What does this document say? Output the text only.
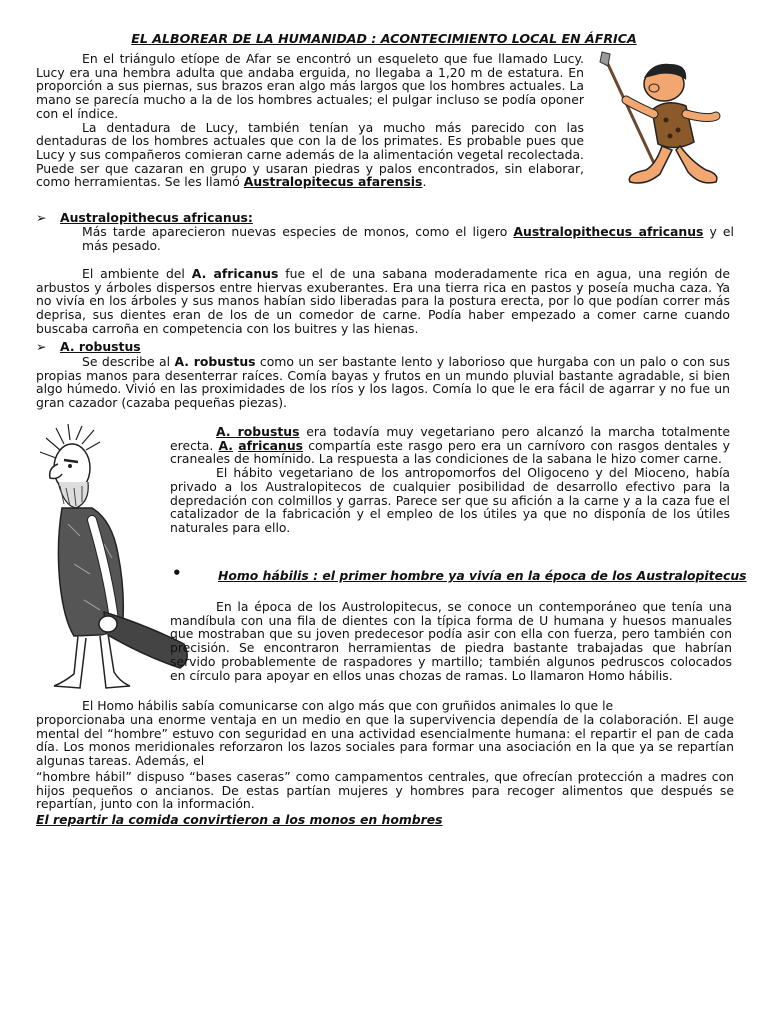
EL ALBOREAR DE LA HUMANIDAD : ACONTECIMIENTO LOCAL EN ÁFRICA

En el triángulo etíope de Afar se encontró un esqueleto que fue llamado Lucy. Lucy era una hembra adulta que andaba erguida, no llegaba a 1,20 m de estatura. En proporción a sus piernas, sus brazos eran algo más largos que los hombres actuales. La mano se parecía mucho a la de los hombres actuales; el pulgar incluso se podía oponer con el índice.

La dentadura de Lucy, también tenían ya mucho más parecido con las dentaduras de los hombres actuales que con la de los primates. Es probable pues que Lucy y sus compañeros comieran carne además de la alimentación vegetal recolectada. Puede ser que cazaran en grupo y usaran piedras y palos encontrados, sin elaborar, como herramientas. Se les llamó Australopitecus afarensis.

➢ Australopithecus africanus:
Más tarde aparecieron nuevas especies de monos, como el ligero Australopithecus africanus y el más pesado.
El ambiente del A. africanus fue el de una sabana moderadamente rica en agua, una región de arbustos y árboles dispersos entre hiervas exuberantes. Era una tierra rica en pastos y poseía mucha caza. Ya no vivía en los árboles y sus manos habían sido liberadas para la postura erecta, por lo que podían correr más deprisa, sus dientes eran de los de un comedor de carne. Podía haber empezado a comer carne cuando buscaba carroña en competencia con los buitres y las hienas.
➢ A. robustus
Se describe al A. robustus como un ser bastante lento y laborioso que hurgaba con un palo o con sus propias manos para desenterrar raíces. Comía bayas y frutos en un mundo pluvial bastante agradable, si bien algo húmedo. Vivió en las proximidades de los ríos y los lagos. Comía lo que le era fácil de agarrar y no fue un gran cazador (cazaba pequeñas piezas).

A. robustus era todavía muy vegetariano pero alcanzó la marcha totalmente erecta. A. africanus compartía este rasgo pero era un carnívoro con rasgos dentales y craneales de homínido. La respuesta a las condiciones de la sabana le hizo comer carne.

El hábito vegetariano de los antropomorfos del Oligoceno y del Mioceno, había privado a los Australopitecos de cualquier posibilidad de desarrollo efectivo para la depredación con colmillos y garras. Parece ser que su afición a la carne y a la caza fue el catalizador de la fabricación y el empleo de los útiles ya que no disponía de los útiles naturales para ello.

•	Homo hábilis : el primer hombre ya vivía en la época de los Australopitecus
En la época de los Austrolopitecus, se conoce un contemporáneo que tenía una mandíbula con una fila de dientes con la típica forma de U humana y huesos manuales que mostraban que su joven predecesor podía asir con ella con fuerza, pero también con precisión. Se encontraron herramientas de piedra bastante trabajadas que habrían servido probablemente de raspadores y martillo; también algunos pedruscos colocados en círculo para apoyar en ellos unas chozas de ramas. Lo llamaron Homo hábilis.
El Homo hábilis sabía comunicarse con algo más que con gruñidos animales lo que le
proporcionaba una enorme ventaja en un medio en que la supervivencia dependía de la colaboración. El auge mental del “hombre” estuvo con seguridad en una actividad esencialmente humana: el repartir el pan de cada día. Los monos meridionales reforzaron los lazos sociales para formar una asociación en la que ya se repartían algunas tareas. Además, el
“hombre hábil” dispuso “bases caseras” como campamentos centrales, que ofrecían protección a madres con hijos pequeños o ancianos. De estas partían mujeres y hombres para recoger alimentos que después se repartían, junto con la información.
El repartir la comida convirtieron a los monos en hombres
